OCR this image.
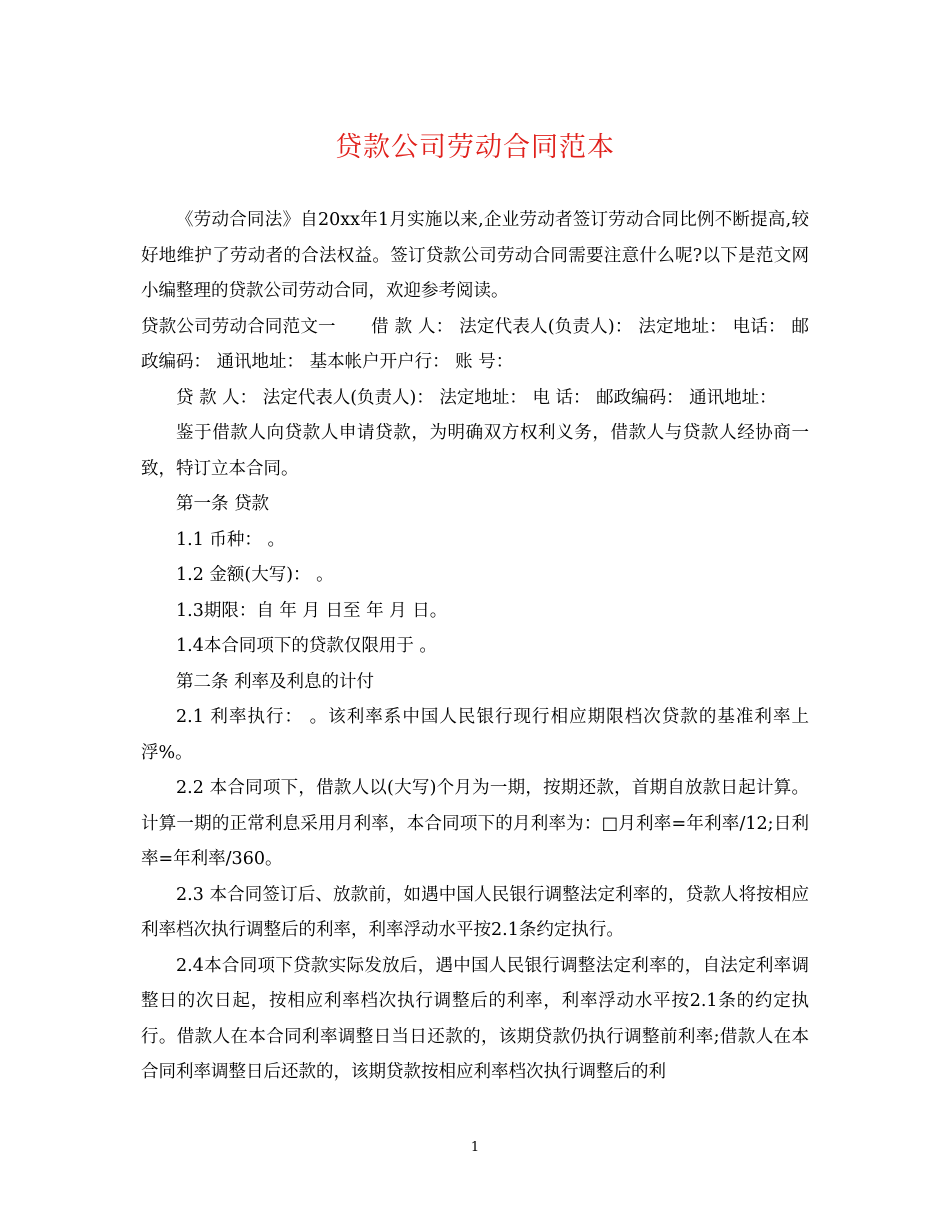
贷款公司劳动合同范本

《劳动合同法》自20xx年1月实施以来,企业劳动者签订劳动合同比例不断提高,较好地维护了劳动者的合法权益。签订贷款公司劳动合同需要注意什么呢?以下是范文网小编整理的贷款公司劳动合同，欢迎参考阅读。

贷款公司劳动合同范文一　　借 款 人： 法定代表人(负责人)： 法定地址： 电话： 邮政编码： 通讯地址： 基本帐户开户行： 账 号：

贷 款 人： 法定代表人(负责人)： 法定地址： 电 话： 邮政编码： 通讯地址：

鉴于借款人向贷款人申请贷款，为明确双方权利义务，借款人与贷款人经协商一致，特订立本合同。

第一条 贷款

1.1 币种： 。

1.2 金额(大写)： 。

1.3期限：自 年 月 日至 年 月 日。

1.4本合同项下的贷款仅限用于 。

第二条 利率及利息的计付

2.1 利率执行： 。该利率系中国人民银行现行相应期限档次贷款的基准利率上浮%。

2.2 本合同项下，借款人以(大写)个月为一期，按期还款，首期自放款日起计算。计算一期的正常利息采用月利率，本合同项下的月利率为：□月利率=年利率/12;日利率=年利率/360。

2.3 本合同签订后、放款前，如遇中国人民银行调整法定利率的，贷款人将按相应利率档次执行调整后的利率，利率浮动水平按2.1条约定执行。

2.4本合同项下贷款实际发放后，遇中国人民银行调整法定利率的，自法定利率调整日的次日起，按相应利率档次执行调整后的利率，利率浮动水平按2.1条的约定执行。借款人在本合同利率调整日当日还款的，该期贷款仍执行调整前利率;借款人在本合同利率调整日后还款的，该期贷款按相应利率档次执行调整后的利

1
